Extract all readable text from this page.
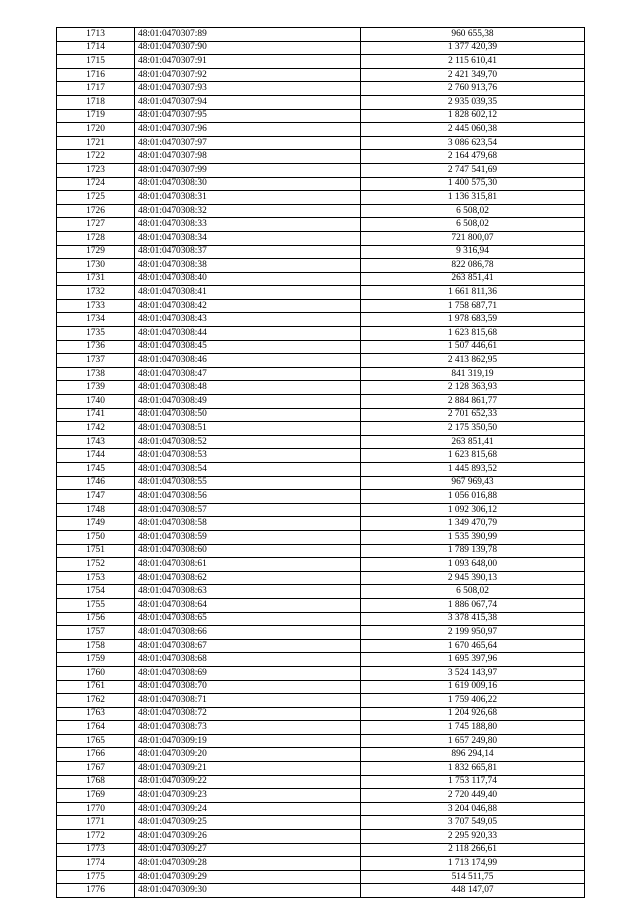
1713	48:01:0470307:89	960 655,38
1714	48:01:0470307:90	1 377 420,39
1715	48:01:0470307:91	2 115 610,41
1716	48:01:0470307:92	2 421 349,70
1717	48:01:0470307:93	2 760 913,76
1718	48:01:0470307:94	2 935 039,35
1719	48:01:0470307:95	1 828 602,12
1720	48:01:0470307:96	2 445 060,38
1721	48:01:0470307:97	3 086 623,54
1722	48:01:0470307:98	2 164 479,68
1723	48:01:0470307:99	2 747 541,69
1724	48:01:0470308:30	1 400 575,30
1725	48:01:0470308:31	1 136 315,81
1726	48:01:0470308:32	6 508,02
1727	48:01:0470308:33	6 508,02
1728	48:01:0470308:34	721 800,07
1729	48:01:0470308:37	9 316,94
1730	48:01:0470308:38	822 086,78
1731	48:01:0470308:40	263 851,41
1732	48:01:0470308:41	1 661 811,36
1733	48:01:0470308:42	1 758 687,71
1734	48:01:0470308:43	1 978 683,59
1735	48:01:0470308:44	1 623 815,68
1736	48:01:0470308:45	1 507 446,61
1737	48:01:0470308:46	2 413 862,95
1738	48:01:0470308:47	841 319,19
1739	48:01:0470308:48	2 128 363,93
1740	48:01:0470308:49	2 884 861,77
1741	48:01:0470308:50	2 701 652,33
1742	48:01:0470308:51	2 175 350,50
1743	48:01:0470308:52	263 851,41
1744	48:01:0470308:53	1 623 815,68
1745	48:01:0470308:54	1 445 893,52
1746	48:01:0470308:55	967 969,43
1747	48:01:0470308:56	1 056 016,88
1748	48:01:0470308:57	1 092 306,12
1749	48:01:0470308:58	1 349 470,79
1750	48:01:0470308:59	1 535 390,99
1751	48:01:0470308:60	1 789 139,78
1752	48:01:0470308:61	1 093 648,00
1753	48:01:0470308:62	2 945 390,13
1754	48:01:0470308:63	6 508,02
1755	48:01:0470308:64	1 886 067,74
1756	48:01:0470308:65	3 378 415,38
1757	48:01:0470308:66	2 199 950,97
1758	48:01:0470308:67	1 670 465,64
1759	48:01:0470308:68	1 695 397,96
1760	48:01:0470308:69	3 524 143,97
1761	48:01:0470308:70	1 619 009,16
1762	48:01:0470308:71	1 759 406,22
1763	48:01:0470308:72	1 204 926,68
1764	48:01:0470308:73	1 745 188,80
1765	48:01:0470309:19	1 657 249,80
1766	48:01:0470309:20	896 294,14
1767	48:01:0470309:21	1 832 665,81
1768	48:01:0470309:22	1 753 117,74
1769	48:01:0470309:23	2 720 449,40
1770	48:01:0470309:24	3 204 046,88
1771	48:01:0470309:25	3 707 549,05
1772	48:01:0470309:26	2 295 920,33
1773	48:01:0470309:27	2 118 266,61
1774	48:01:0470309:28	1 713 174,99
1775	48:01:0470309:29	514 511,75
1776	48:01:0470309:30	448 147,07
